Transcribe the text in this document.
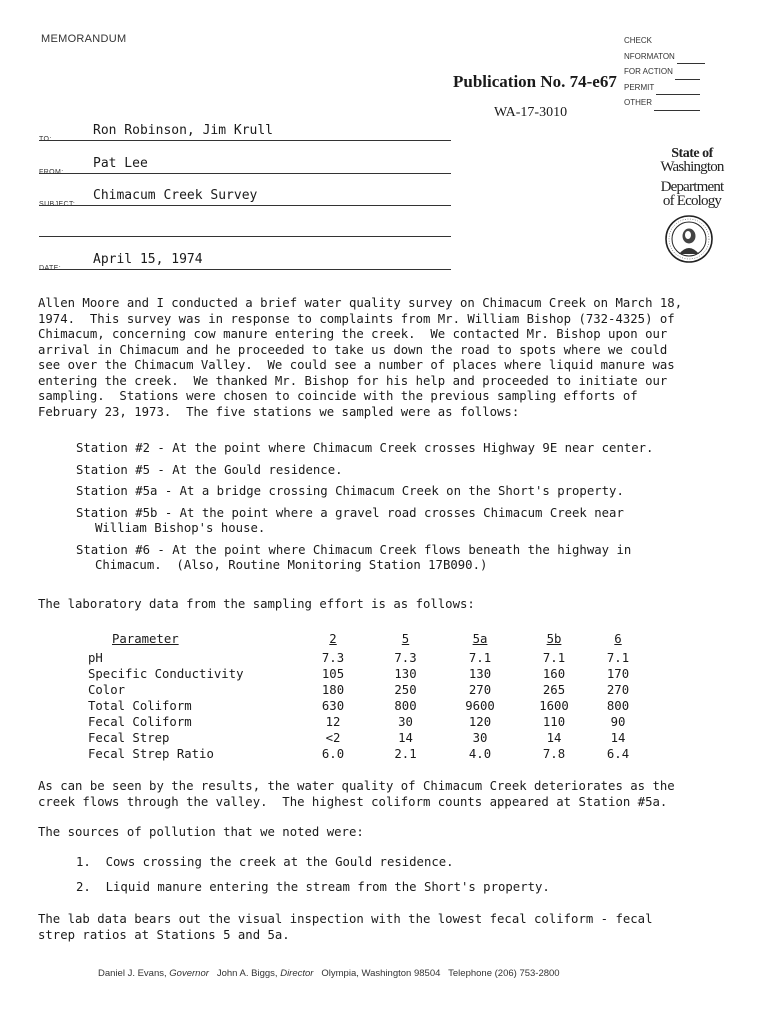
MEMORANDUM	CHECK
NFORMATON
FOR ACTION
PERMIT
OTHER
Publication No. 74-e67
WA-17-3010
TO:
Ron Robinson, Jim Krull
FROM:
Pat Lee
SUBJECT:
Chimacum Creek Survey
DATE:
April 15, 1974
State of
Washington
Department
of Ecology
Allen Moore and I conducted a brief water quality survey on Chimacum Creek on March 18,
1974.  This survey was in response to complaints from Mr. William Bishop (732-4325) of
Chimacum, concerning cow manure entering the creek.  We contacted Mr. Bishop upon our
arrival in Chimacum and he proceeded to take us down the road to spots where we could
see over the Chimacum Valley.  We could see a number of places where liquid manure was
entering the creek.  We thanked Mr. Bishop for his help and proceeded to initiate our
sampling.  Stations were chosen to coincide with the previous sampling efforts of
February 23, 1973.  The five stations we sampled were as follows:
Station #2 - At the point where Chimacum Creek crosses Highway 9E near center.
Station #5 - At the Gould residence.
Station #5a - At a bridge crossing Chimacum Creek on the Short's property.
Station #5b - At the point where a gravel road crosses Chimacum Creek near
William Bishop's house.
Station #6 - At the point where Chimacum Creek flows beneath the highway in
Chimacum.  (Also, Routine Monitoring Station 17B090.)
The laboratory data from the sampling effort is as follows:
Parameter	2	5	5a	5b	6
pH	7.3	7.3	7.1	7.1	7.1
Specific Conductivity	105	130	130	160	170
Color	180	250	270	265	270
Total Coliform	630	800	9600	1600	800
Fecal Coliform	12	30	120	110	90
Fecal Strep	<2	14	30	14	14
Fecal Strep Ratio	6.0	2.1	4.0	7.8	6.4
As can be seen by the results, the water quality of Chimacum Creek deteriorates as the
creek flows through the valley.  The highest coliform counts appeared at Station #5a.
The sources of pollution that we noted were:
1.  Cows crossing the creek at the Gould residence.
2.  Liquid manure entering the stream from the Short's property.
The lab data bears out the visual inspection with the lowest fecal coliform - fecal
strep ratios at Stations 5 and 5a.
Daniel J. Evans, Governor John A. Biggs, Director Olympia, Washington 98504 Telephone (206) 753-2800
